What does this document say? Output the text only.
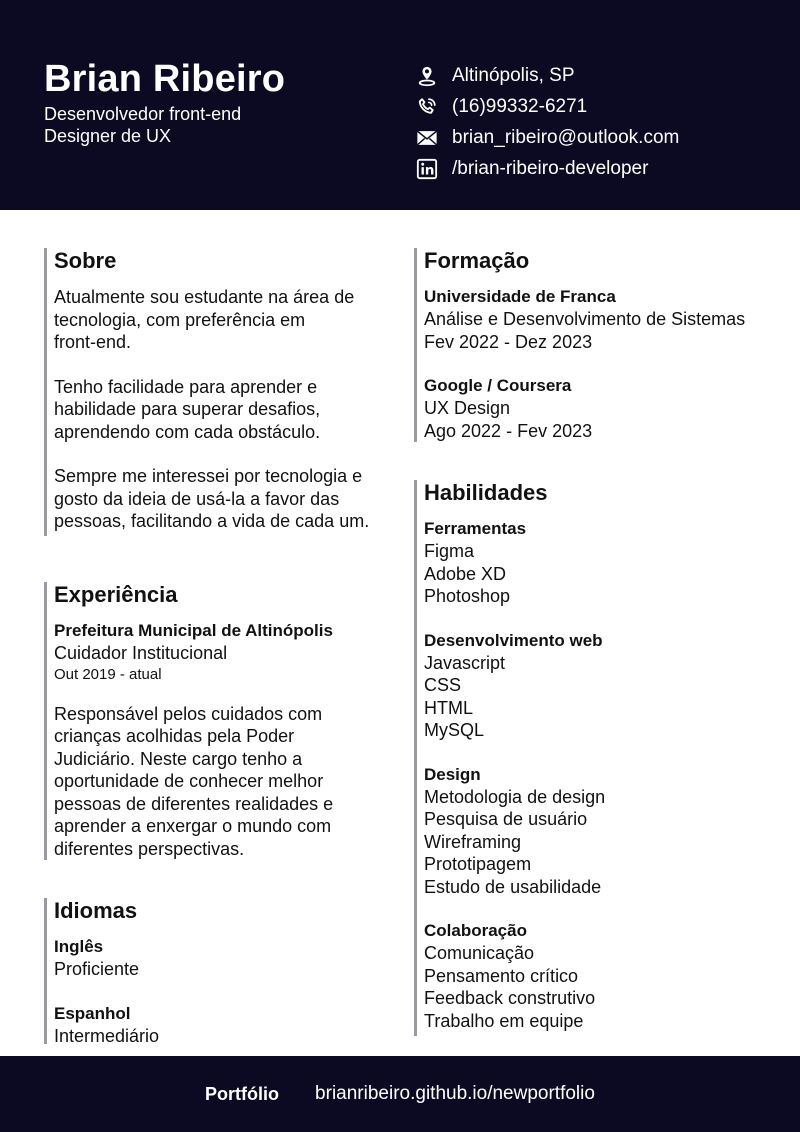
Brian Ribeiro
Desenvolvedor front-end
Designer de UX
Altinópolis, SP
(16)99332-6271
brian_ribeiro@outlook.com
/brian-ribeiro-developer
Sobre
Atualmente sou estudante na área de
tecnologia, com preferência em
front-end.
Tenho facilidade para aprender e
habilidade para superar desafios,
aprendendo com cada obstáculo.
Sempre me interessei por tecnologia e
gosto da ideia de usá-la a favor das
pessoas, facilitando a vida de cada um.
Experiência
Prefeitura Municipal de Altinópolis
Cuidador Institucional
Out 2019 - atual
Responsável pelos cuidados com
crianças acolhidas pela Poder
Judiciário. Neste cargo tenho a
oportunidade de conhecer melhor
pessoas de diferentes realidades e
aprender a enxergar o mundo com
diferentes perspectivas.
Idiomas
Inglês
Proficiente
Espanhol
Intermediário
Formação
Universidade de Franca
Análise e Desenvolvimento de Sistemas
Fev 2022 - Dez 2023
Google / Coursera
UX Design
Ago 2022 - Fev 2023
Habilidades
Ferramentas
Figma
Adobe XD
Photoshop
Desenvolvimento web
Javascript
CSS
HTML
MySQL
Design
Metodologia de design
Pesquisa de usuário
Wireframing
Prototipagem
Estudo de usabilidade
Colaboração
Comunicação
Pensamento crítico
Feedback construtivo
Trabalho em equipe
Portfólio brianribeiro.github.io/newportfolio
